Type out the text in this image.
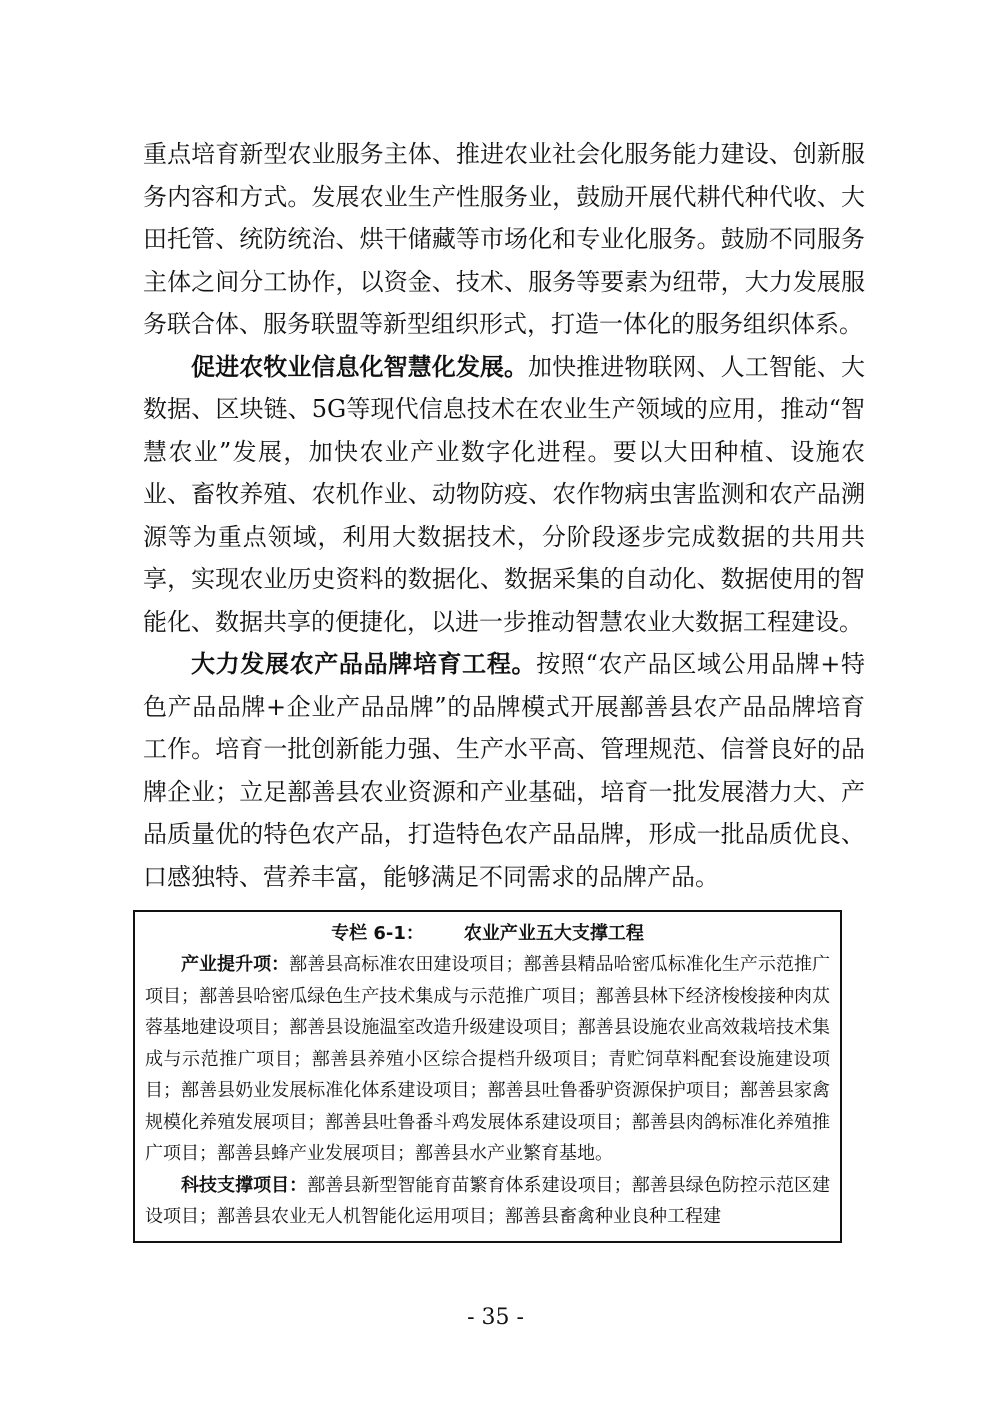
重点培育新型农业服务主体、推进农业社会化服务能力建设、创新服务内容和方式。发展农业生产性服务业，鼓励开展代耕代种代收、大田托管、统防统治、烘干储藏等市场化和专业化服务。鼓励不同服务主体之间分工协作，以资金、技术、服务等要素为纽带，大力发展服务联合体、服务联盟等新型组织形式，打造一体化的服务组织体系。

促进农牧业信息化智慧化发展。加快推进物联网、人工智能、大数据、区块链、5G等现代信息技术在农业生产领域的应用，推动“智慧农业”发展，加快农业产业数字化进程。要以大田种植、设施农业、畜牧养殖、农机作业、动物防疫、农作物病虫害监测和农产品溯源等为重点领域，利用大数据技术，分阶段逐步完成数据的共用共享，实现农业历史资料的数据化、数据采集的自动化、数据使用的智能化、数据共享的便捷化，以进一步推动智慧农业大数据工程建设。

大力发展农产品品牌培育工程。按照“农产品区域公用品牌+特色产品品牌+企业产品品牌”的品牌模式开展鄯善县农产品品牌培育工作。培育一批创新能力强、生产水平高、管理规范、信誉良好的品牌企业；立足鄯善县农业资源和产业基础，培育一批发展潜力大、产品质量优的特色农产品，打造特色农产品品牌，形成一批品质优良、口感独特、营养丰富，能够满足不同需求的品牌产品。

专栏 6-1： 农业产业五大支撑工程

产业提升项：鄯善县高标准农田建设项目；鄯善县精品哈密瓜标准化生产示范推广项目；鄯善县哈密瓜绿色生产技术集成与示范推广项目；鄯善县林下经济梭梭接种肉苁蓉基地建设项目；鄯善县设施温室改造升级建设项目；鄯善县设施农业高效栽培技术集成与示范推广项目；鄯善县养殖小区综合提档升级项目；青贮饲草料配套设施建设项目；鄯善县奶业发展标准化体系建设项目；鄯善县吐鲁番驴资源保护项目；鄯善县家禽规模化养殖发展项目；鄯善县吐鲁番斗鸡发展体系建设项目；鄯善县肉鸽标准化养殖推广项目；鄯善县蜂产业发展项目；鄯善县水产业繁育基地。

科技支撑项目：鄯善县新型智能育苗繁育体系建设项目；鄯善县绿色防控示范区建设项目；鄯善县农业无人机智能化运用项目；鄯善县畜禽种业良种工程建

- 35 -
